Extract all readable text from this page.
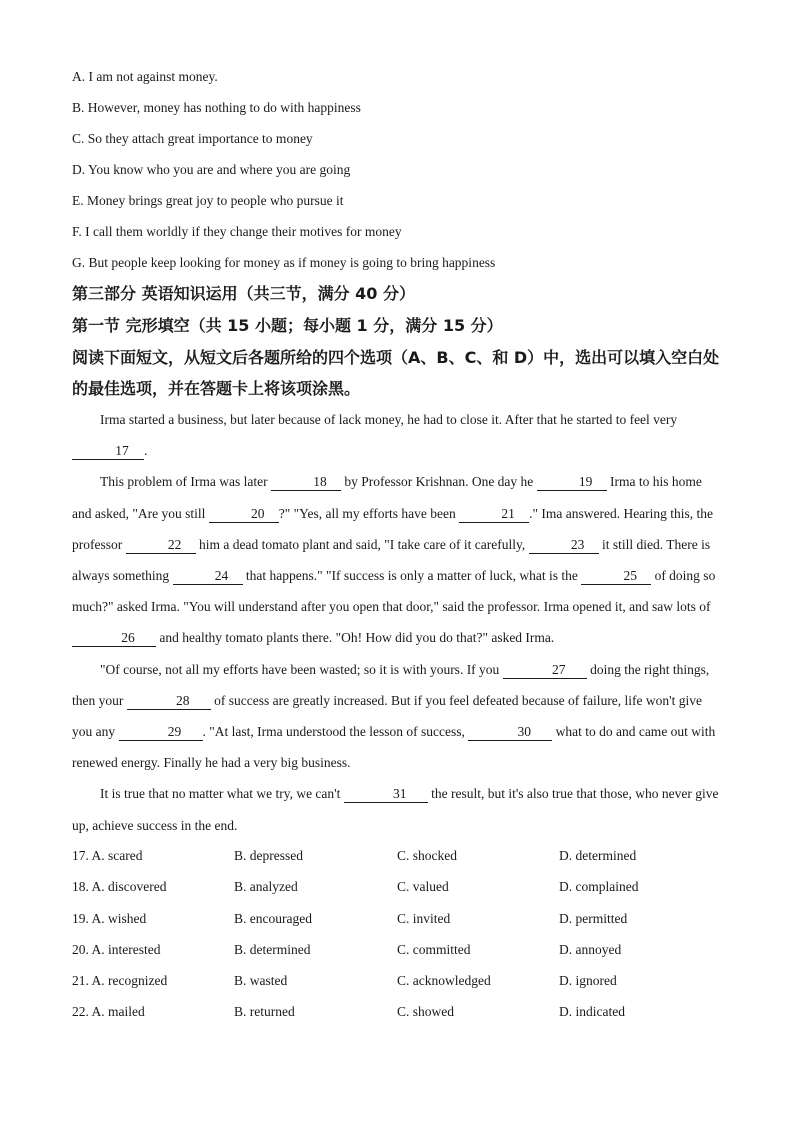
A. I am not against money.
B. However, money has nothing to do with happiness
C. So they attach great importance to money
D. You know who you are and where you are going
E. Money brings great joy to people who pursue it
F. I call them worldly if they change their motives for money
G. But people keep looking for money as if money is going to bring happiness
第三部分 英语知识运用（共三节，满分 40 分）
第一节 完形填空（共 15 小题；每小题 1 分，满分 15 分）
阅读下面短文，从短文后各题所给的四个选项（A、B、C、和 D）中，选出可以填入空白处
的最佳选项，并在答题卡上将该项涂黑。

Irma started a business, but later because of lack money, he had to close it. After that he started to feel very 17 .

This problem of Irma was later	18 by Professor Krishnan. One day he	19 Irma to his home and asked, "Are you still	20 ?" "Yes, all my efforts have been	21 ." Ima answered. Hearing this, the professor	22 him a dead tomato plant and said, "I take care of it carefully,	23 it still died. There is always something	24 that happens." "If success is only a matter of luck, what is the	25 of doing so much?" asked Irma. "You will understand after you open that door," said the professor. Irma opened it, and saw lots of 26 and healthy tomato plants there. "Oh! How did you do that?" asked Irma.

"Of course, not all my efforts have been wasted; so it is with yours. If you	27 doing the right things, then your	28 of success are greatly increased. But if you feel defeated because of failure, life won't give you any	29 . "At last, Irma understood the lesson of success,	30 what to do and came out with renewed energy. Finally he had a very big business.

It is true that no matter what we try, we can't	31 the result, but it's also true that those, who never give up, achieve success in the end.

17. A. scared	B. depressed	C. shocked	D. determined
18. A. discovered	B. analyzed	C. valued	D. complained
19. A. wished	B. encouraged	C. invited	D. permitted
20. A. interested	B. determined	C. committed	D. annoyed
21. A. recognized	B. wasted	C. acknowledged	D. ignored
22. A. mailed	B. returned	C. showed	D. indicated
